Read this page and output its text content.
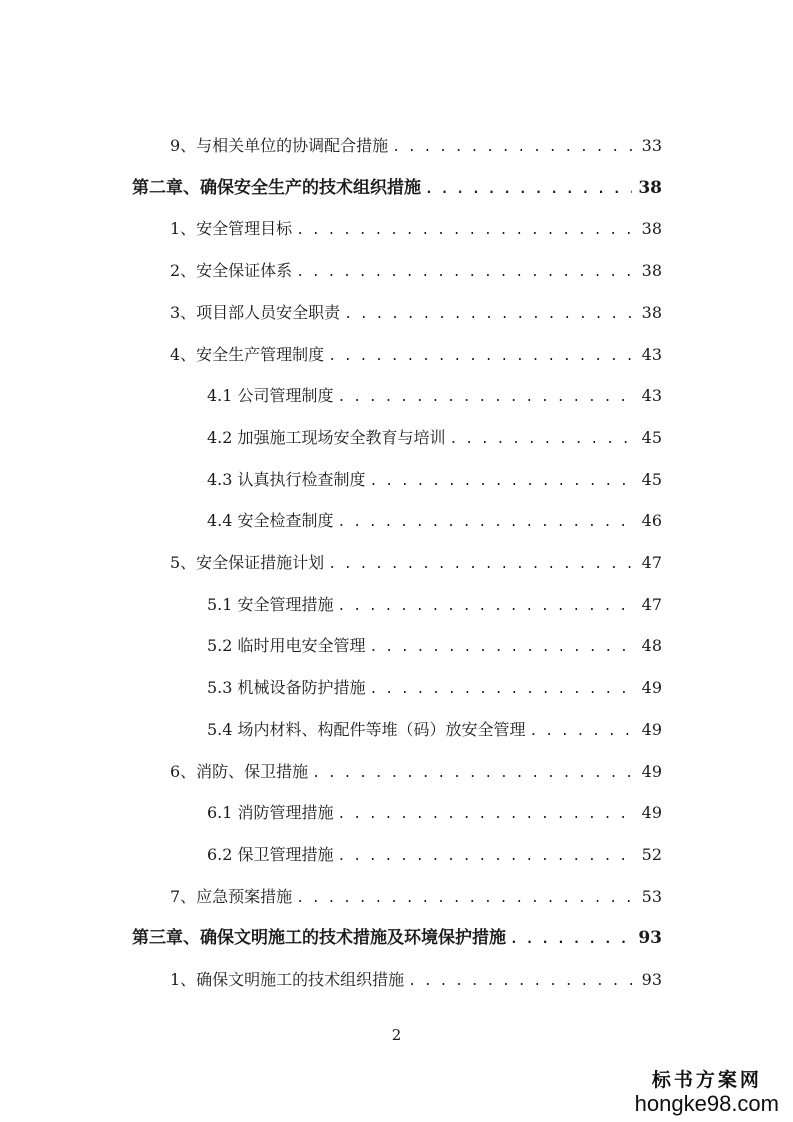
9、与相关单位的协调配合措施 . . .	33
第二章、确保安全生产的技术组织措施 . . .	38
1、安全管理目标 . . .	38
2、安全保证体系 . . .	38
3、项目部人员安全职责 . . .	38
4、安全生产管理制度 . . .	43
4.1 公司管理制度 . . .	43
4.2 加强施工现场安全教育与培训 . . .	45
4.3 认真执行检查制度 . . .	45
4.4 安全检查制度 . . .	46
5、安全保证措施计划 . . .	47
5.1 安全管理措施 . . .	47
5.2 临时用电安全管理 . . .	48
5.3 机械设备防护措施 . . .	49
5.4 场内材料、构配件等堆（码）放安全管理 . . .	49
6、消防、保卫措施 . . .	49
6.1 消防管理措施 . . .	49
6.2 保卫管理措施 . . .	52
7、应急预案措施 . . .	53
第三章、确保文明施工的技术措施及环境保护措施 . . .	93
1、确保文明施工的技术组织措施 . . .	93
2
标书方案网
hongke98.com
